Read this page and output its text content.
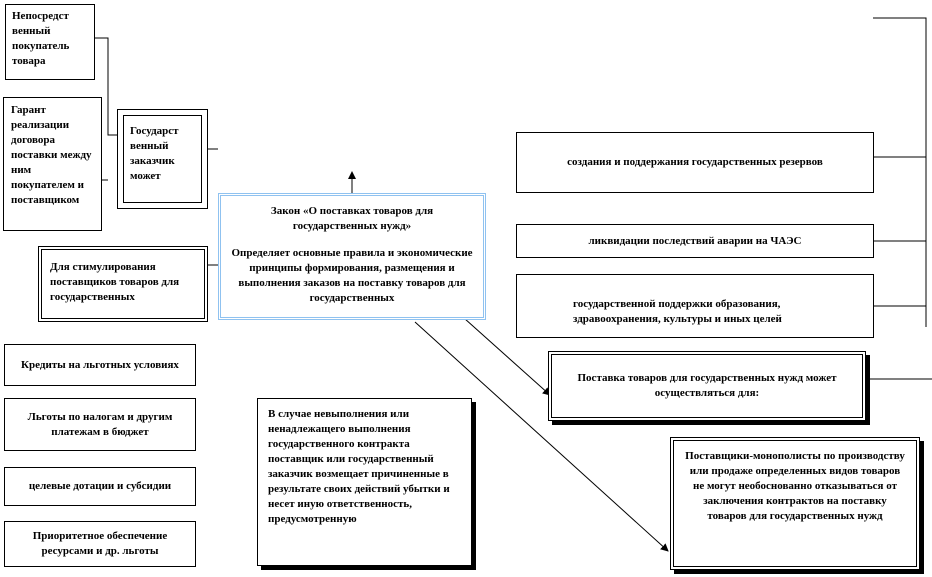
Непосредст венный покупатель товара
Гарант реализации договора поставки между ним покупателем и поставщиком
Государст венный заказчик может
Для стимулирования поставщиков товаров для государственных
Кредиты на льготных условиях
Льготы по налогам и другим платежам в бюджет
целевые дотации и субсидии
Приоритетное обеспечение ресурсами и др. льготы
Закон «О поставках товаров для государственных нужд»
Определяет основные правила и экономические принципы формирования, размещения и выполнения заказов на поставку товаров для государственных
В случае невыполнения или ненадлежащего выполнения государственного контракта поставщик или государственный заказчик возмещает причиненные в результате своих действий убытки и несет иную ответственность, предусмотренную
создания и поддержания государственных резервов
ликвидации последствий аварии на ЧАЭС
государственной поддержки образования, здравоохранения, культуры и иных целей
Поставка товаров для государственных нужд может осуществляться для:
Поставщики-монополисты по производству или продаже определенных видов товаров не могут необоснованно отказываться от заключения контрактов на поставку товаров для государственных нужд
